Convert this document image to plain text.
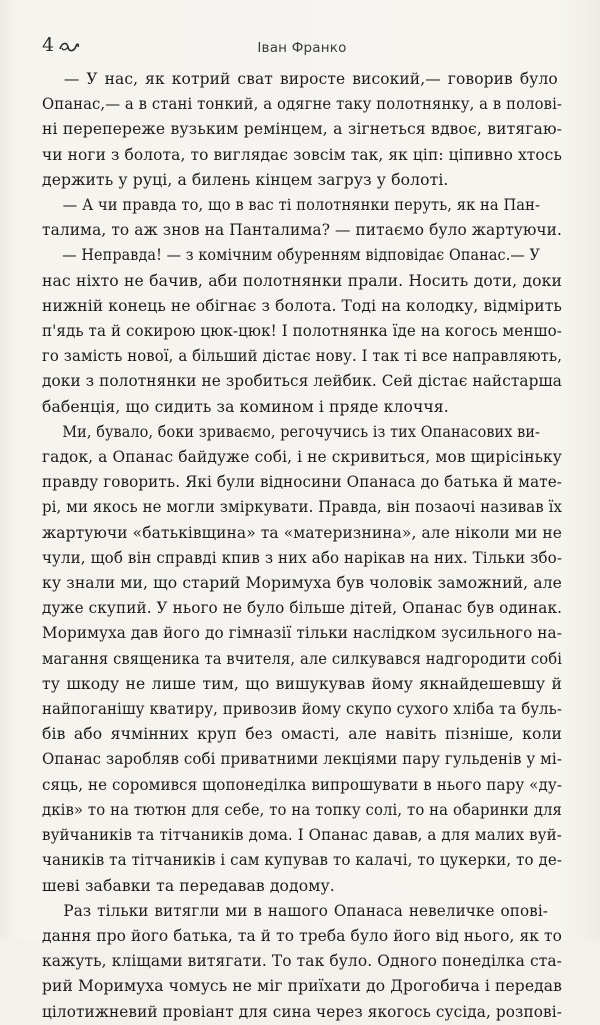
4	Іван Франко
— У нас, як котрий сват виросте високий,— говорив було
Опанас,— а в стані тонкий, а одягне таку полотнянку, а в полові-
ні перепереже вузьким ремінцем, а зігнеться вдвоє, витягаю-
чи ноги з болота, то виглядає зовсім так, як ціп: ціпивно хтось
держить у руці, а билень кінцем загруз у болоті.
— А чи правда то, що в вас ті полотнянки перуть, як на Пан-
талима, то аж знов на Панталима? — питаємо було жартуючи.
— Неправда! — з комічним обуренням відповідає Опанас.— У
нас ніхто не бачив, аби полотнянки прали. Носить доти, доки
нижній конець не обігнає з болота. Тоді на колодку, відмірить
п'ядь та й сокирою цюк-цюк! І полотнянка їде на когось меншо-
го замість нової, а більший дістає нову. І так ті все направляють,
доки з полотнянки не зробиться лейбик. Сей дістає найстарша
бабенція, що сидить за комином і пряде клоччя.
Ми, бувало, боки зриваємо, регочучись із тих Опанасових ви-
гадок, а Опанас байдуже собі, і не скривиться, мов щирісіньку
правду говорить. Які були відносини Опанаса до батька й мате-
рі, ми якось не могли зміркувати. Правда, він позаочі називав їх
жартуючи «батьківщина» та «материзнина», але ніколи ми не
чули, щоб він справді кпив з них або нарікав на них. Тільки збо-
ку знали ми, що старий Моримуха був чоловік заможний, але
дуже скупий. У нього не було більше дітей, Опанас був одинак.
Моримуха дав його до гімназії тільки наслідком зусильного на-
магання священика та вчителя, але силкувався надгородити собі
ту шкоду не лише тим, що вишукував йому якнайдешевшу й
найпоганішу кватиру, привозив йому скупо сухого хліба та буль-
бів або ячмінних круп без омасті, але навіть пізніше, коли
Опанас заробляв собі приватними лекціями пару гульденів у мі-
сяць, не соромився щопонеділка випрошувати в нього пару «ду-
дків» то на тютюн для себе, то на топку солі, то на обаринки для
вуйчаників та тітчаників дома. І Опанас давав, а для малих вуй-
чаників та тітчаників і сам купував то калачі, то цукерки, то де-
шеві забавки та передавав додому.
Раз тільки витягли ми в нашого Опанаса невеличке опові-
дання про його батька, та й то треба було його від нього, як то
кажуть, кліщами витягати. То так було. Одного понеділка ста-
рий Моримуха чомусь не міг приїхати до Дрогобича і передав
цілотижневий провіант для сина через якогось сусіда, розпові-
